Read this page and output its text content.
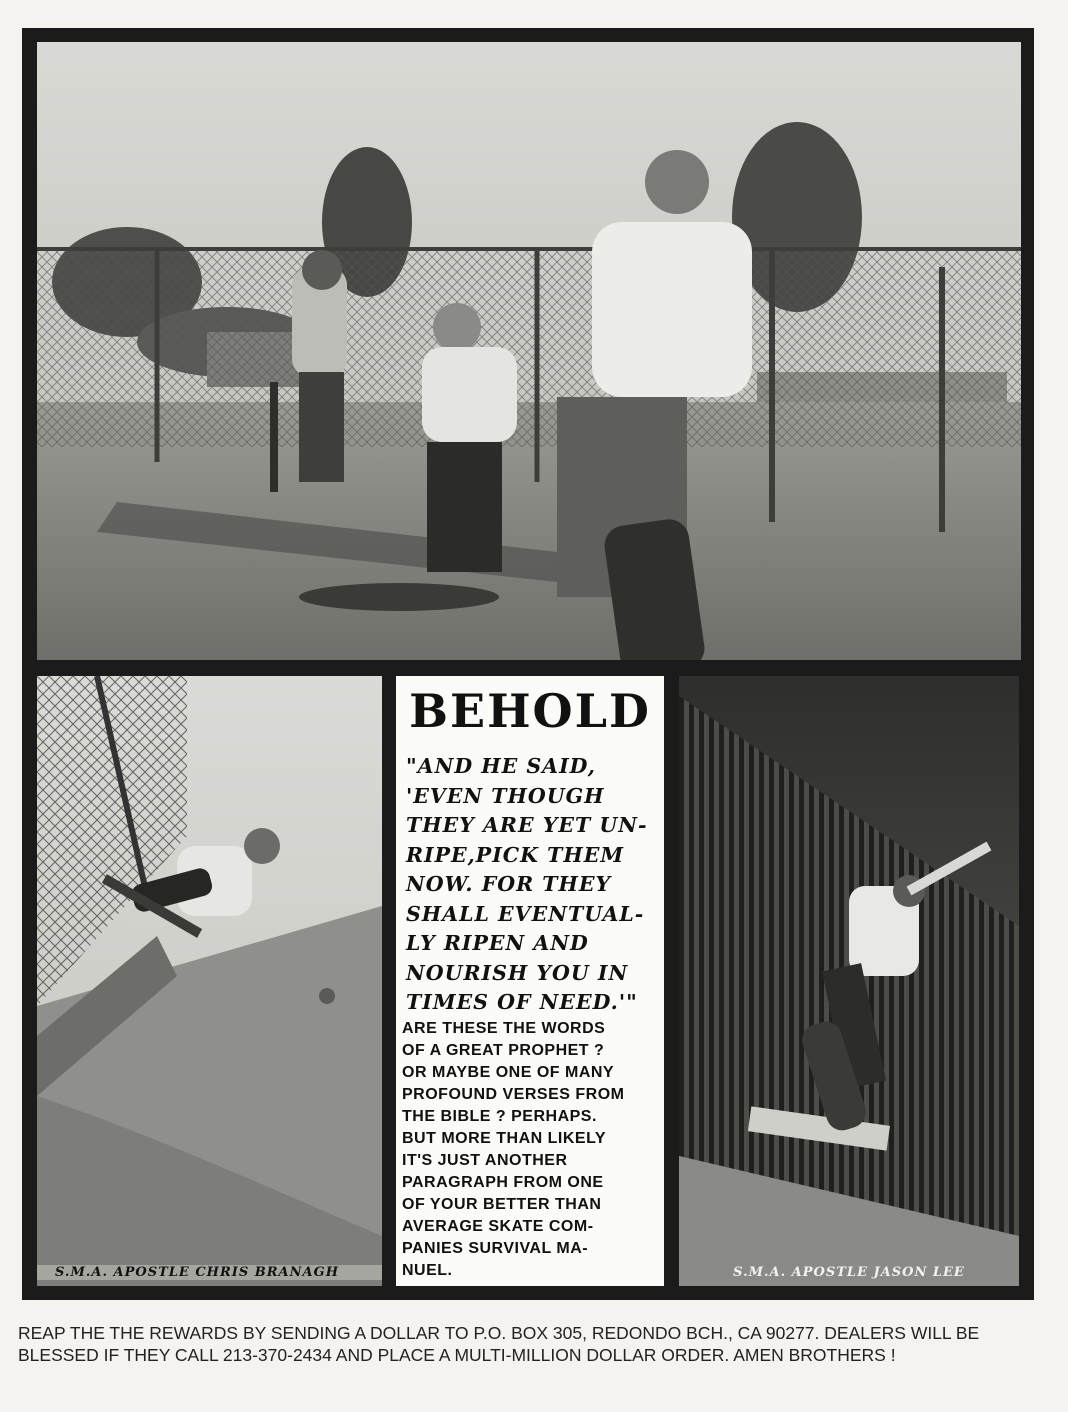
S.M.A. APOSTLE CHRIS BRANAGH
BEHOLD
"AND HE SAID,
'EVEN THOUGH
THEY ARE YET UN-
RIPE,PICK THEM
NOW. FOR THEY
SHALL EVENTUAL-
LY RIPEN AND
NOURISH YOU IN
TIMES OF NEED.'"
ARE THESE THE WORDS
OF A GREAT PROPHET ?
OR MAYBE ONE OF MANY
PROFOUND VERSES FROM
THE BIBLE ? PERHAPS.
BUT MORE THAN LIKELY
IT'S JUST ANOTHER
PARAGRAPH FROM ONE
OF YOUR BETTER THAN
AVERAGE SKATE COM-
PANIES SURVIVAL MA-
NUEL.	S.M.A. APOSTLE JASON LEE
REAP THE THE REWARDS BY SENDING A DOLLAR TO P.O. BOX 305, REDONDO BCH., CA 90277. DEALERS WILL BE
BLESSED IF THEY CALL 213-370-2434 AND PLACE A MULTI-MILLION DOLLAR ORDER. AMEN BROTHERS !
